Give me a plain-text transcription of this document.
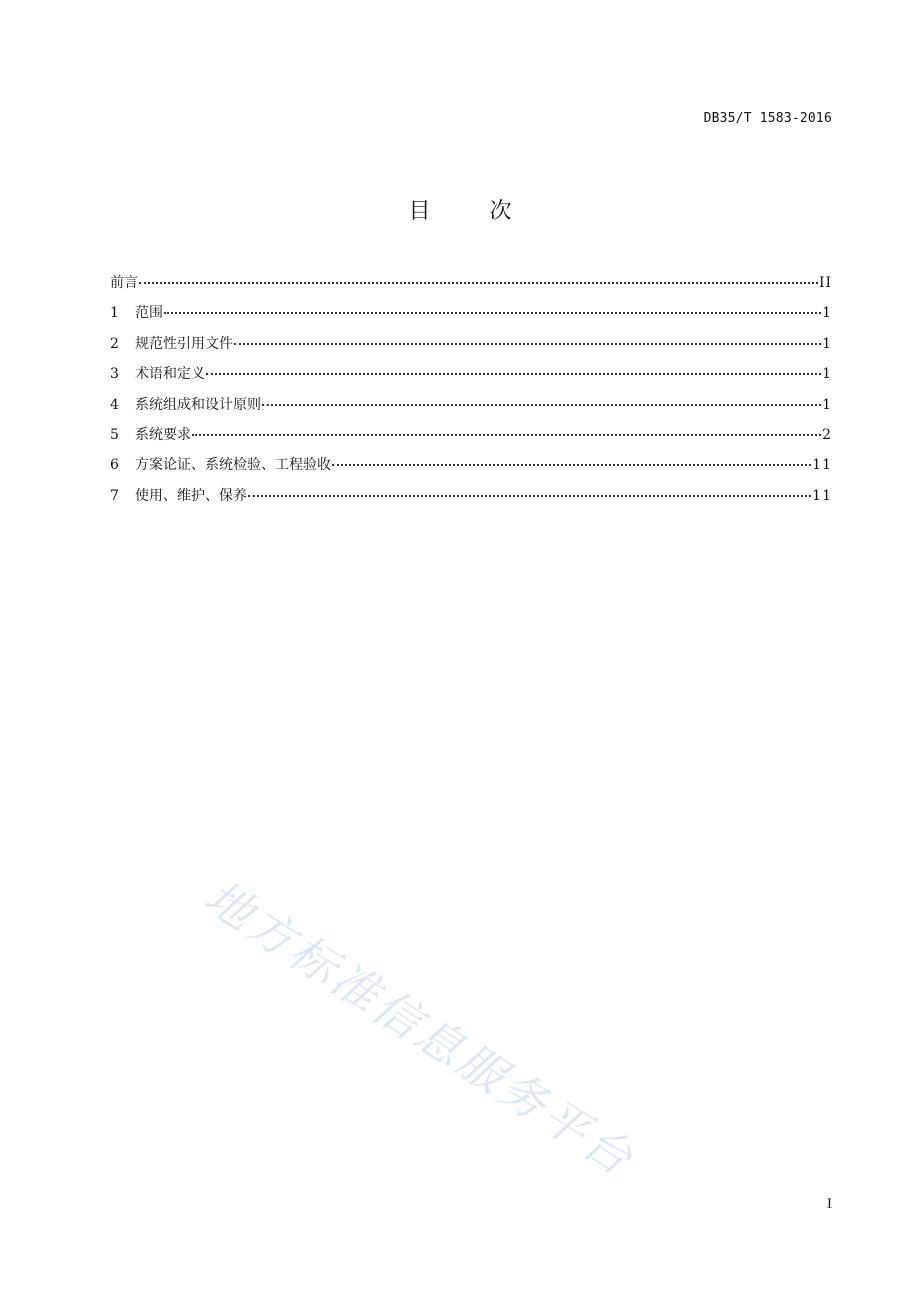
DB35/T 1583-2016
目 次
前言	II
1	范围	1
2	规范性引用文件	1
3	术语和定义	1
4	系统组成和设计原则	1
5	系统要求	2
6	方案论证、系统检验、工程验收	11
7	使用、维护、保养	11
地方标准信息服务平台
I
